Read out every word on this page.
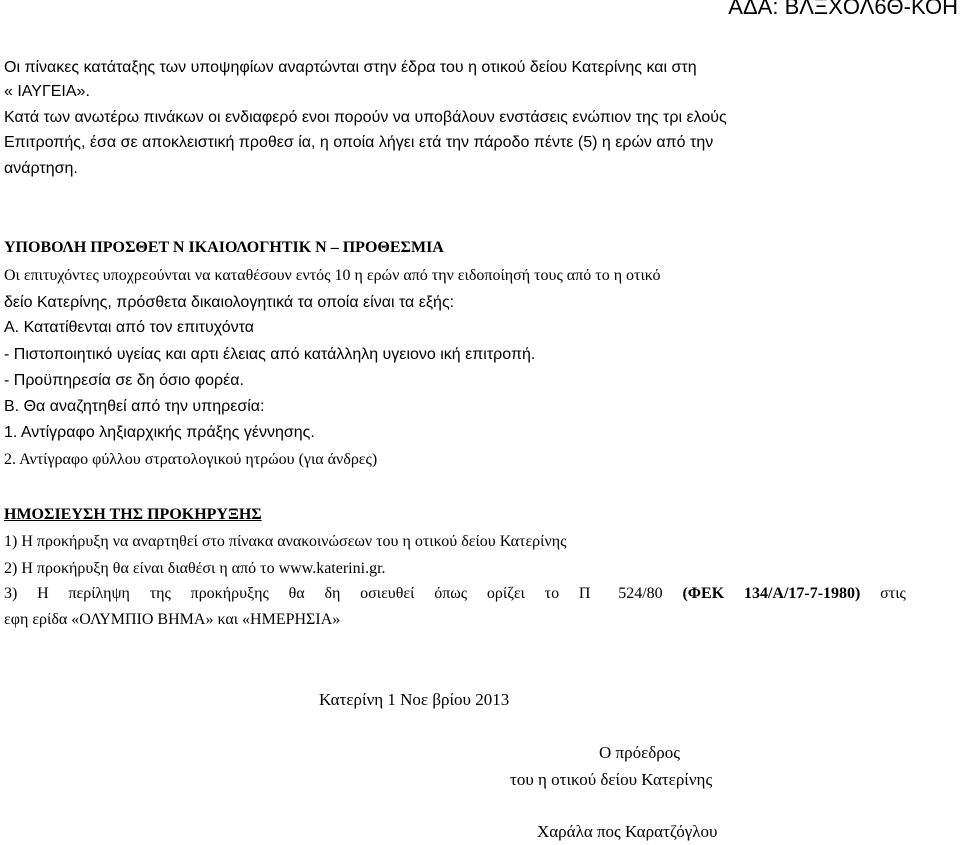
ΑΔΑ: ΒΛΞΧΟΛ6Θ-ΚΟΗ
Οι πίνακες κατάταξης των υποψηφίων αναρτώνται στην έδρα του η οτικού δείου Κατερίνης και στη
« ΙΑΥΓΕΙΑ».
Κατά των ανωτέρω πινάκων οι ενδιαφερό ενοι πορούν να υποβάλουν ενστάσεις ενώπιον της τρι ελούς
Επιτροπής, έσα σε αποκλειστική προθεσ ία, η οποία λήγει ετά την πάροδο πέντε (5) η ερών από την
ανάρτηση.
ΥΠΟΒΟΛΗ ΠΡΟΣΘΕΤ Ν ΙΚΑΙΟΛΟΓΗΤΙΚ Ν – ΠΡΟΘΕΣΜΙΑ
Οι επιτυχόντες υποχρεούνται να καταθέσουν εντός 10 η ερών από την ειδοποίησή τους από το η οτικό
δείο Κατερίνης, πρόσθετα δικαιολογητικά τα οποία είναι τα εξής:
Α. Κατατίθενται από τον επιτυχόντα
- Πιστοποιητικό υγείας και αρτι έλειας από κατάλληλη υγειονο ική επιτροπή.
- Προϋπηρεσία σε δη όσιο φορέα.
Β. Θα αναζητηθεί από την υπηρεσία:
1. Αντίγραφο ληξιαρχικής πράξης γέννησης.
2. Αντίγραφο φύλλου στρατολογικού ητρώου (για άνδρες)
ΗΜΟΣΙΕΥΣΗ ΤΗΣ ΠΡΟΚΗΡΥΞΗΣ
1) Η προκήρυξη να αναρτηθεί στο πίνακα ανακοινώσεων του η οτικού δείου Κατερίνης
2) Η προκήρυξη θα είναι διαθέσι η από το www.katerini.gr.
3) Η περίληψη της προκήρυξης θα δη οσιευθεί όπως ορίζει το Π 524/80 (ΦΕΚ 134/Α/17-7-1980) στις
εφη ερίδα «ΟΛΥΜΠΙΟ ΒΗΜΑ» και «ΗΜΕΡΗΣΙΑ»
Κατερίνη 1 Νοε βρίου 2013
Ο πρόεδρος
του η οτικού δείου Κατερίνης
Χαράλα πος Καρατζόγλου
